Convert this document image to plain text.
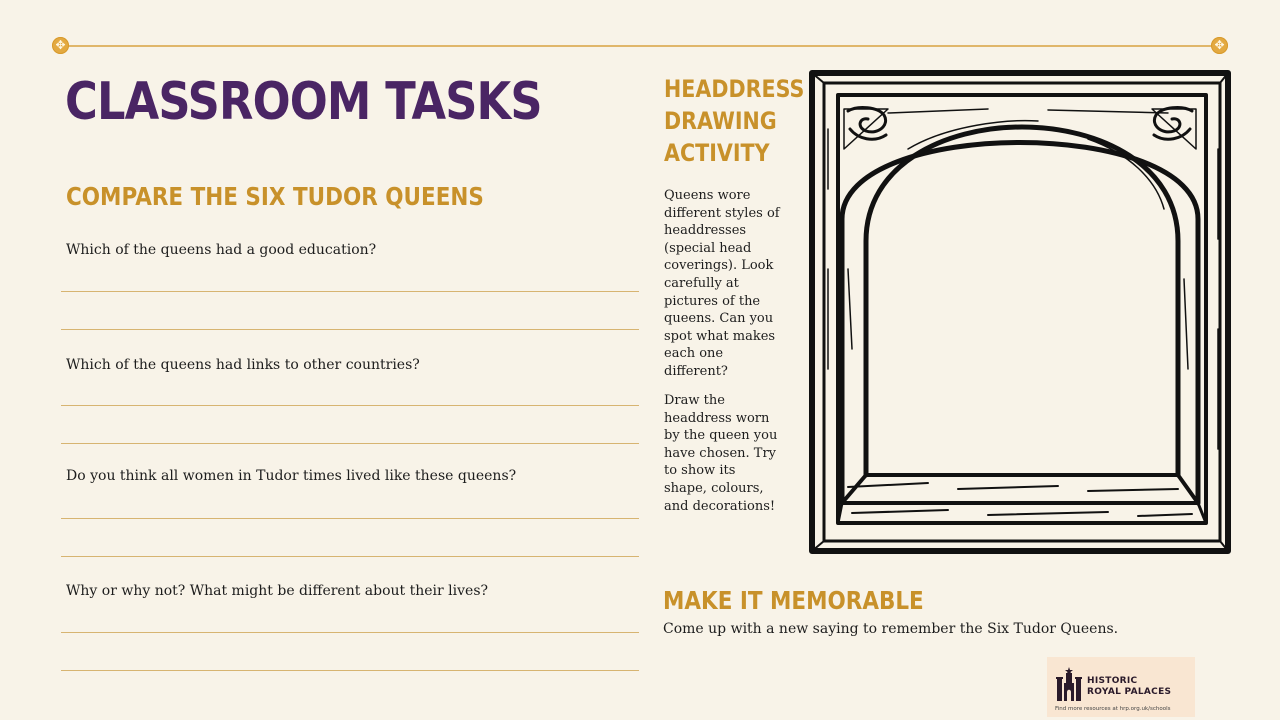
✥
✥
CLASSROOM TASKS
COMPARE THE SIX TUDOR QUEENS

Which of the queens had a good education?

Which of the queens had links to other countries?

Do you think all women in Tudor times lived like these queens?

Why or why not? What might be different about their lives?

HEADDRESS
DRAWING
ACTIVITY

Queens wore different styles of headdresses (special head coverings). Look carefully at pictures of the queens. Can you spot what makes each one different?

Draw the headdress worn by the queen you have chosen. Try to show its shape, colours, and decorations!

MAKE IT MEMORABLE

Come up with a new saying to remember the Six Tudor Queens.

HISTORIC
ROYAL PALACES

Find more resources at hrp.org.uk/schools
